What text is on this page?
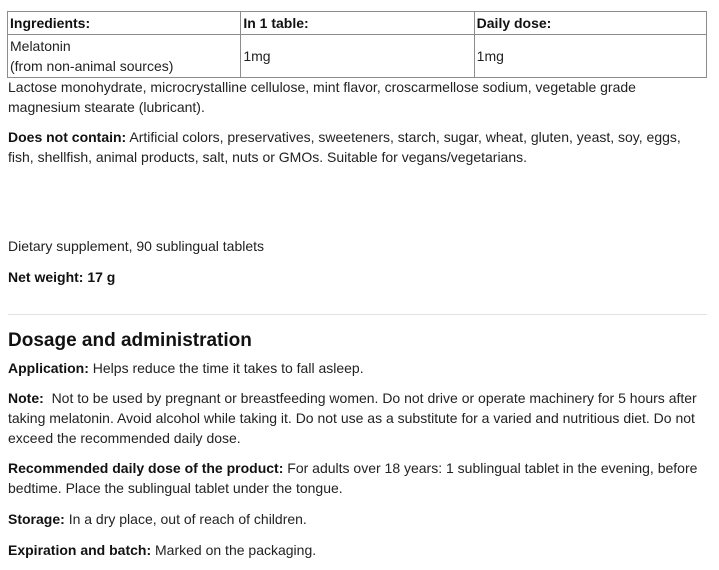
Ingredients:	In 1 table:	Daily dose:
Melatonin
(from non-animal sources)	1mg	1mg

Lactose monohydrate, microcrystalline cellulose, mint flavor, croscarmellose sodium, vegetable grade magnesium stearate (lubricant).

Does not contain: Artificial colors, preservatives, sweeteners, starch, sugar, wheat, gluten, yeast, soy, eggs, fish, shellfish, animal products, salt, nuts or GMOs. Suitable for vegans/vegetarians.

Dietary supplement, 90 sublingual tablets

Net weight: 17 g

Dosage and administration

Application: Helps reduce the time it takes to fall asleep.

Note: Not to be used by pregnant or breastfeeding women. Do not drive or operate machinery for 5 hours after taking melatonin. Avoid alcohol while taking it. Do not use as a substitute for a varied and nutritious diet. Do not exceed the recommended daily dose.

Recommended daily dose of the product: For adults over 18 years: 1 sublingual tablet in the evening, before bedtime. Place the sublingual tablet under the tongue.

Storage: In a dry place, out of reach of children.

Expiration and batch: Marked on the packaging.
